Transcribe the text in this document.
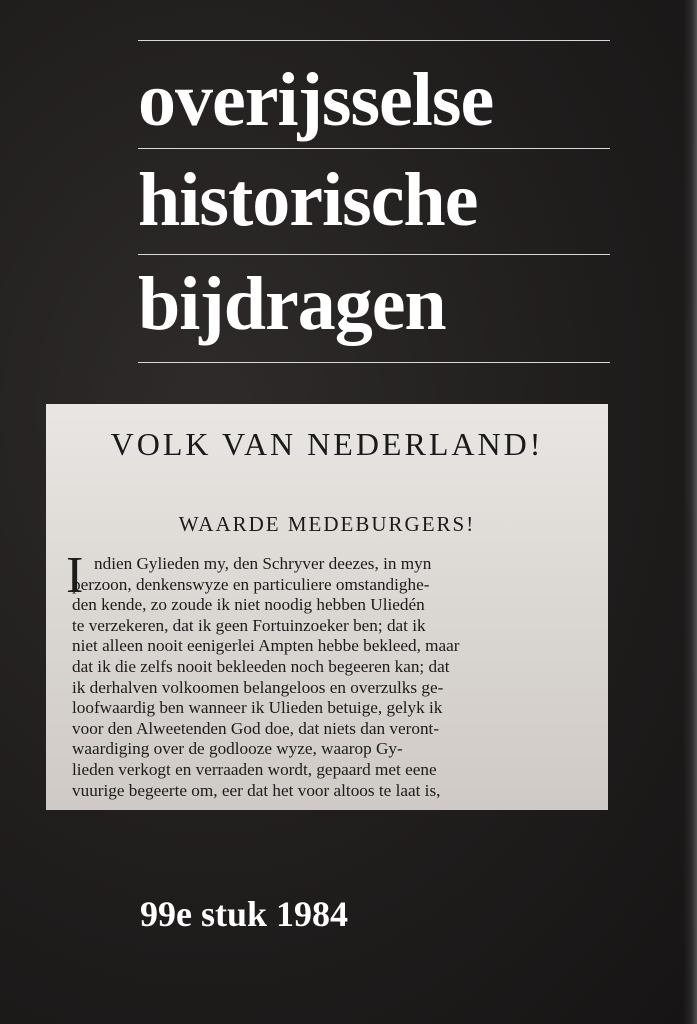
overijsselse
historische
bijdragen
VOLK VAN NEDERLAND!
WAARDE MEDEBURGERS!
I ndien Gylieden my, den Schryver deezes, in myn
perzoon, denkenswyze en particuliere omstandighe-
den kende, zo zoude ik niet noodig hebben Uliedén
te verzekeren, dat ik geen Fortuinzoeker ben; dat ik
niet alleen nooit eenigerlei Ampten hebbe bekleed, maar
dat ik die zelfs nooit bekleeden noch begeeren kan; dat
ik derhalven volkoomen belangeloos en overzulks ge-
loofwaardig ben wanneer ik Ulieden betuige, gelyk ik
voor den Alweetenden God doe, dat niets dan veront-
waardiging over de godlooze wyze, waarop Gy-
lieden verkogt en verraaden wordt, gepaard met eene
vuurige begeerte om, eer dat het voor altoos te laat is,
99e stuk 1984
